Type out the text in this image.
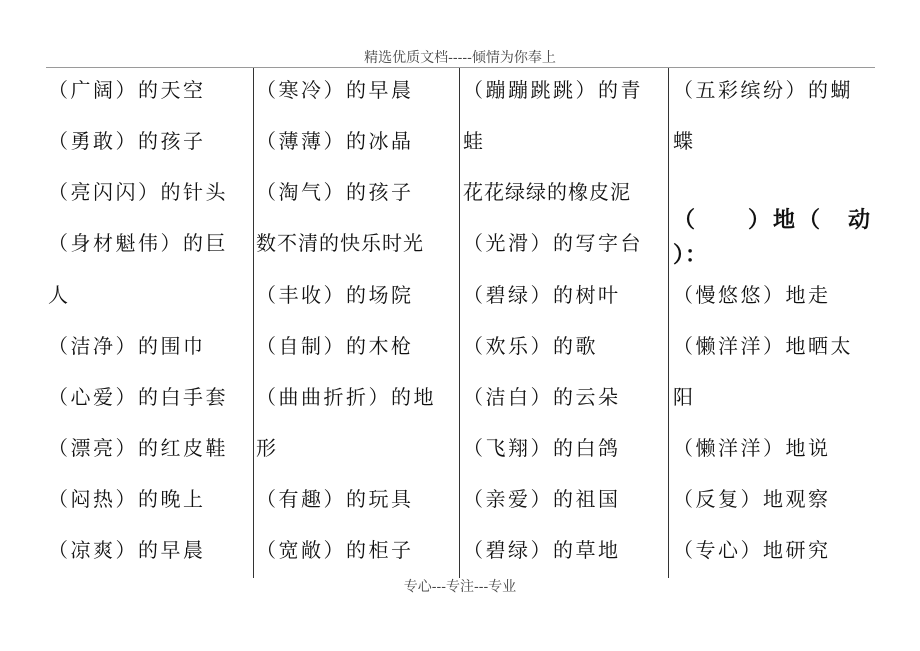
精选优质文档-----倾情为你奉上
（广阔）的天空
（勇敢）的孩子
（亮闪闪）的针头
（身材魁伟）的巨
人
（洁净）的围巾
（心爱）的白手套
（漂亮）的红皮鞋
（闷热）的晚上
（凉爽）的早晨
（寒冷）的早晨
（薄薄）的冰晶
（淘气）的孩子
数不清的快乐时光
（丰收）的场院
（自制）的木枪
（曲曲折折）的地
形
（有趣）的玩具
（宽敞）的柜子
（蹦蹦跳跳）的青
蛙
花花绿绿的橡皮泥
（光滑）的写字台
（碧绿）的树叶
（欢乐）的歌
（洁白）的云朵
（飞翔）的白鸽
（亲爱）的祖国
（碧绿）的草地
（五彩缤纷）的蝴
蝶
（　　）地（　动
）：
（慢悠悠）地走
（懒洋洋）地晒太
阳
（懒洋洋）地说
（反复）地观察
（专心）地研究
专心---专注---专业
